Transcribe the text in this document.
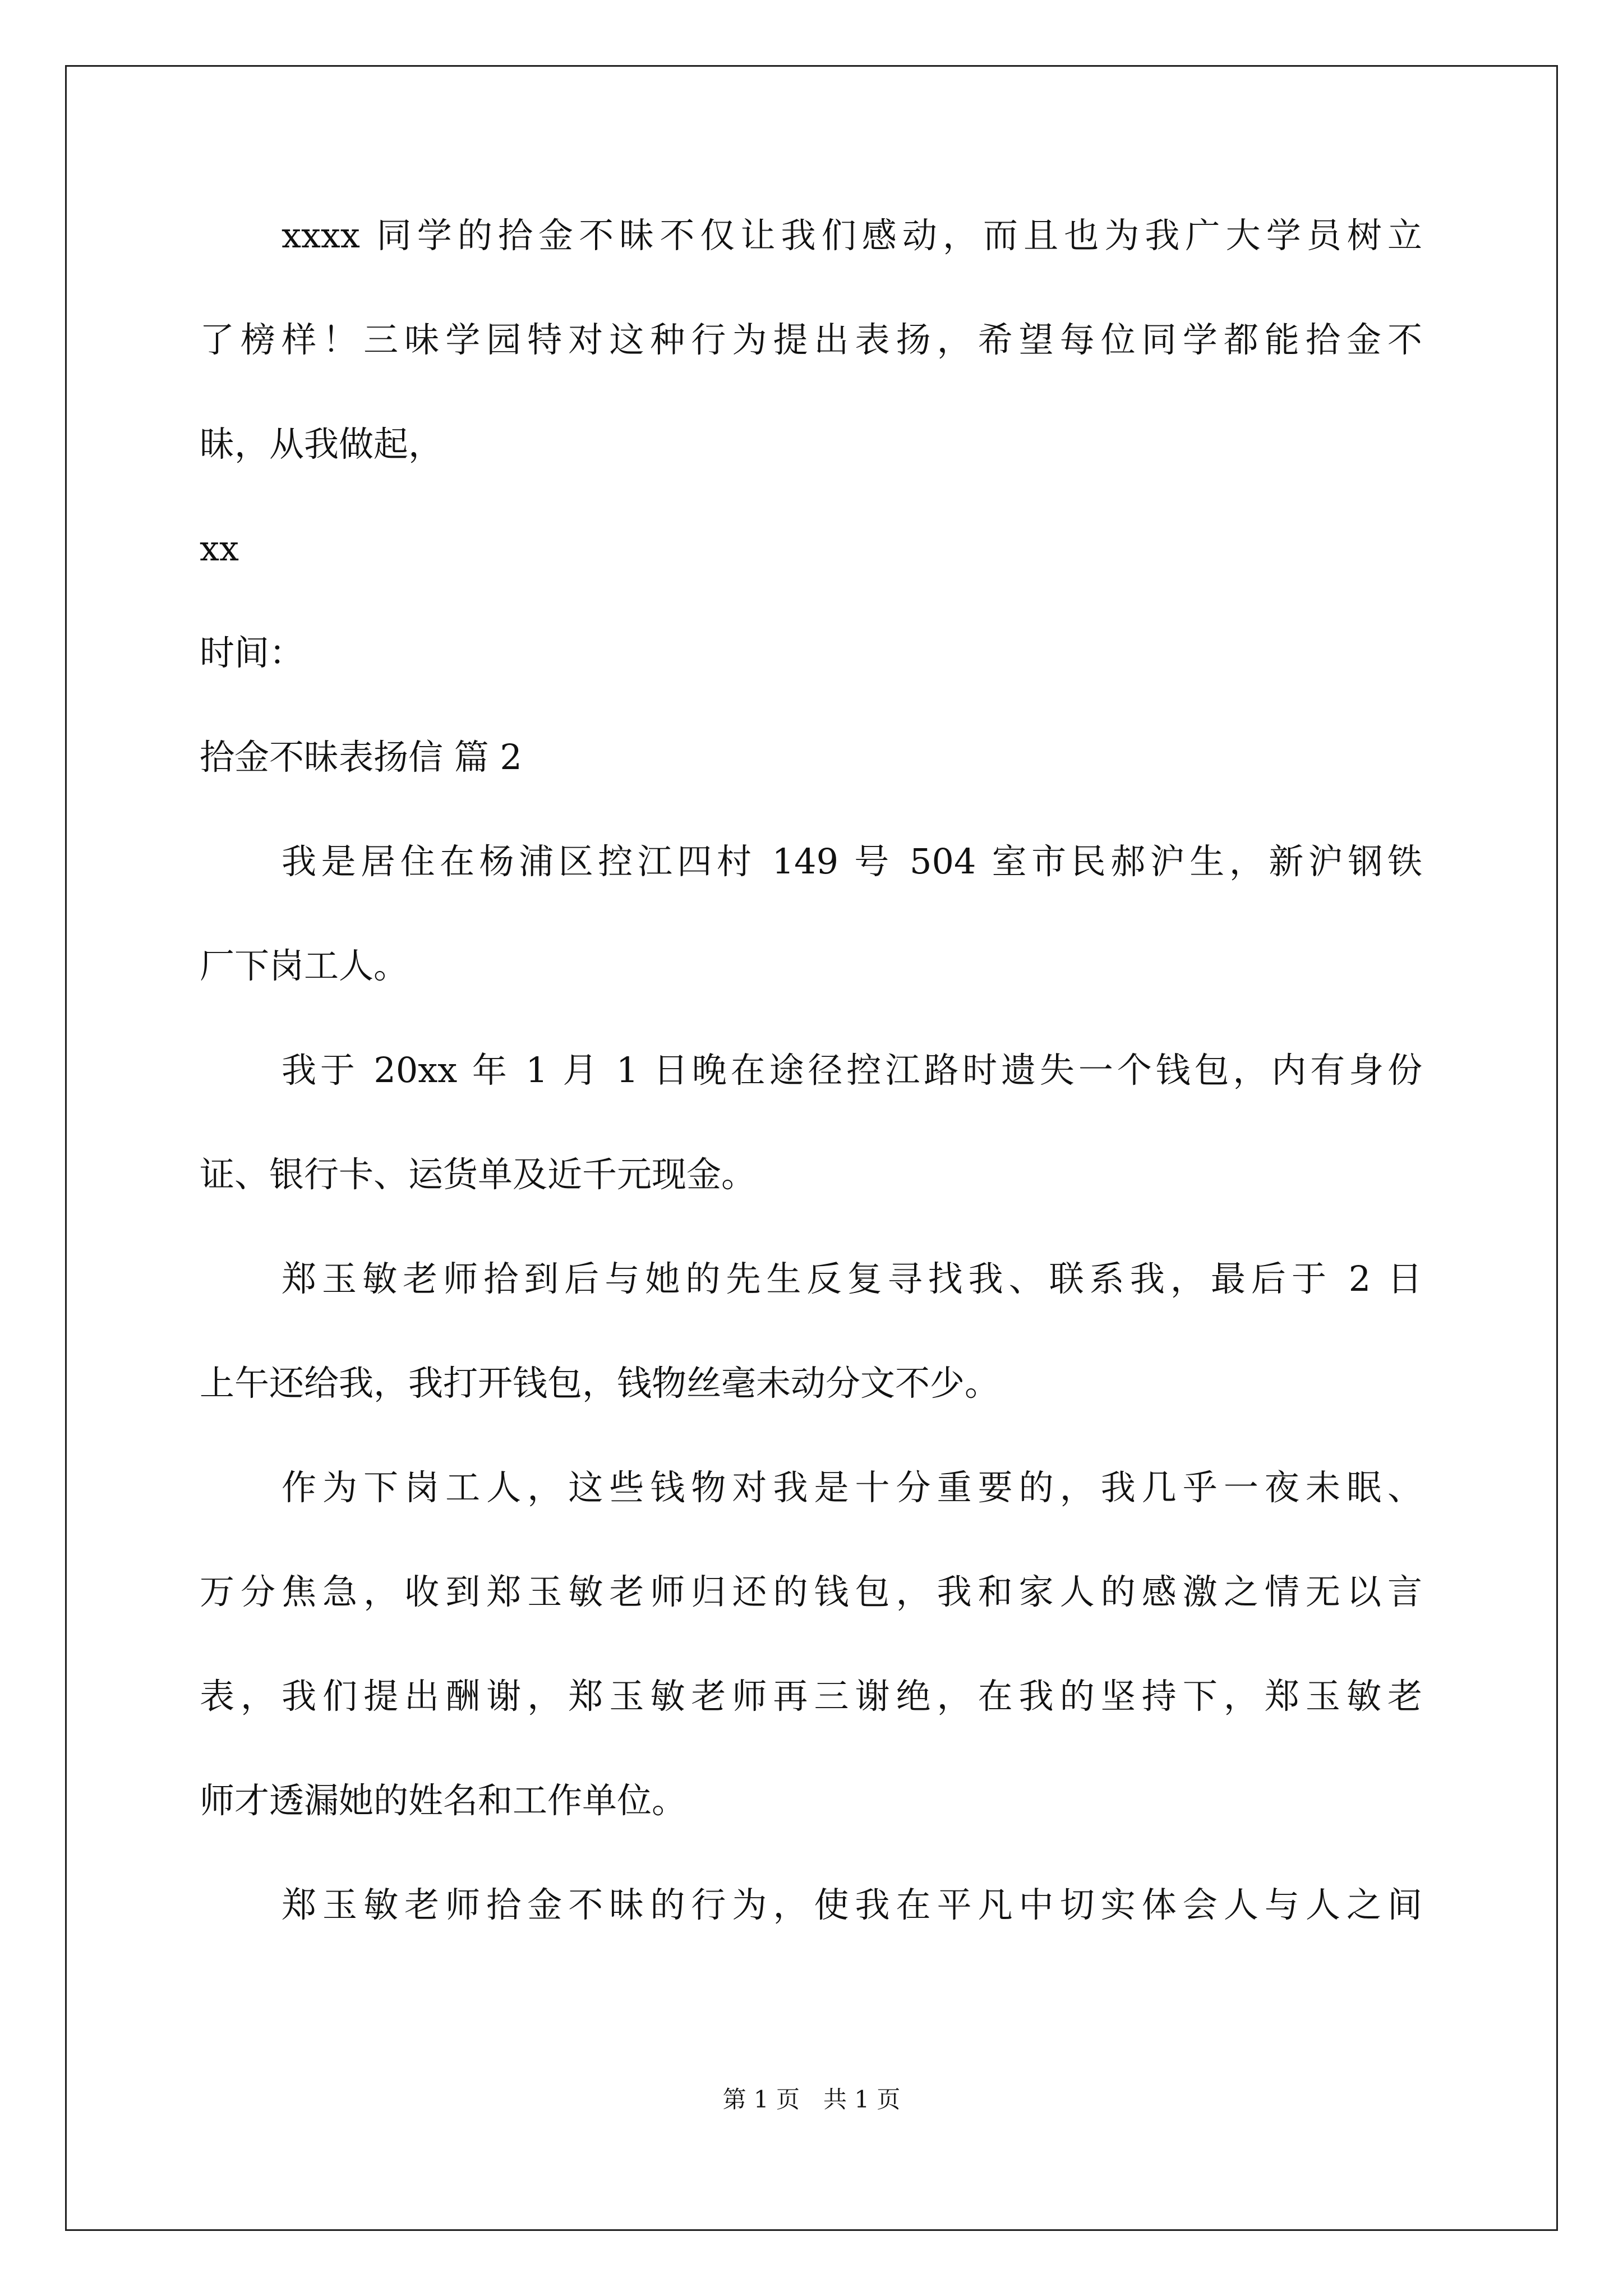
xxxx 同学的拾金不昧不仅让我们感动，而且也为我广大学员树立
了榜样！三味学园特对这种行为提出表扬，希望每位同学都能拾金不
昧，从我做起，
xx
时间：
拾金不昧表扬信 篇 2
我是居住在杨浦区控江四村 149 号 504 室市民郝沪生，新沪钢铁
厂下岗工人。
我于 20xx 年 1 月 1 日晚在途径控江路时遗失一个钱包，内有身份
证、银行卡、运货单及近千元现金。
郑玉敏老师拾到后与她的先生反复寻找我、联系我，最后于 2 日
上午还给我，我打开钱包，钱物丝毫未动分文不少。
作为下岗工人，这些钱物对我是十分重要的，我几乎一夜未眠、
万分焦急，收到郑玉敏老师归还的钱包，我和家人的感激之情无以言
表，我们提出酬谢，郑玉敏老师再三谢绝，在我的坚持下，郑玉敏老
师才透漏她的姓名和工作单位。
郑玉敏老师拾金不昧的行为，使我在平凡中切实体会人与人之间
第 1 页　共 1 页
